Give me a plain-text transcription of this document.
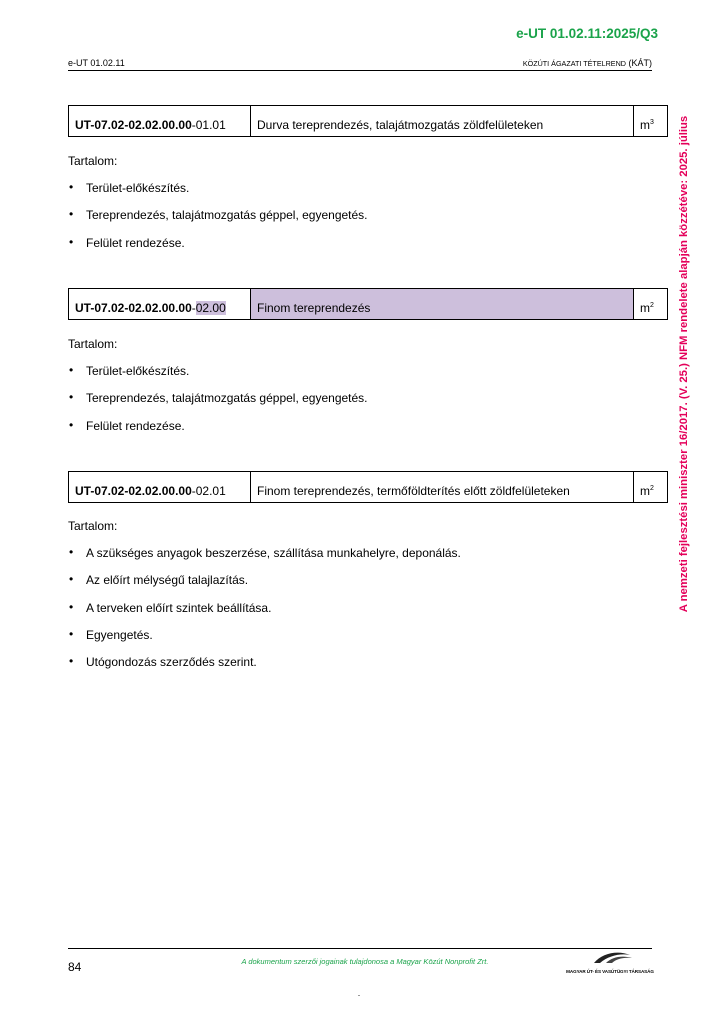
e-UT 01.02.11:2025/Q3
e-UT 01.02.11	KÖZÚTI ÁGAZATI TÉTELREND (KÁT)
UT-07.02-02.02.00.00-01.01	Durva tereprendezés, talajátmozgatás zöldfelületeken	$m^3$
Tartalom:
• Terület-előkészítés.
• Tereprendezés, talajátmozgatás géppel, egyengetés.
• Felület rendezése.
UT-07.02-02.02.00.00-02.00	Finom tereprendezés	$m^2$
Tartalom:
• Terület-előkészítés.
• Tereprendezés, talajátmozgatás géppel, egyengetés.
• Felület rendezése.
UT-07.02-02.02.00.00-02.01	Finom tereprendezés, termőföldterítés előtt zöldfelületeken	$m^2$
Tartalom:
• A szükséges anyagok beszerzése, szállítása munkahelyre, deponálás.
• Az előírt mélységű talajlazítás.
• A terveken előírt szintek beállítása.
• Egyengetés.
• Utógondozás szerződés szerint.
A nemzeti fejlesztési miniszter 16/2017. (V. 25.) NFM rendelete alapján közzétéve: 2025. július
84	A dokumentum szerzői jogainak tulajdonosa a Magyar Közút Nonprofit Zrt.
MAGYAR ÚT- ÉS VASÚTÜGYI TÁRSASÁG
